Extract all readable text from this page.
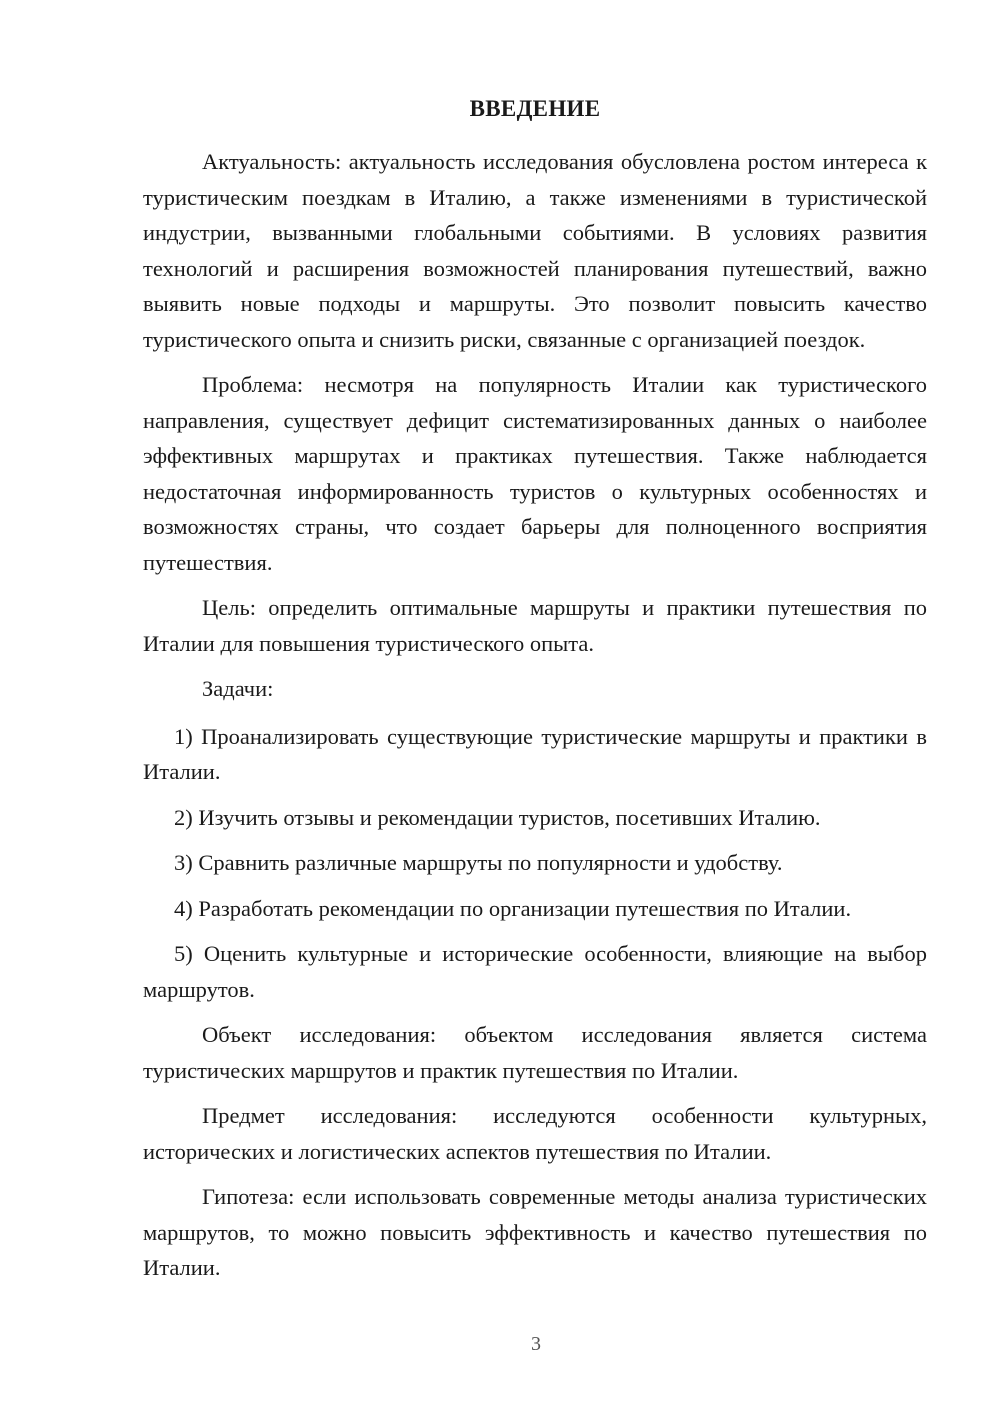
ВВЕДЕНИЕ

Актуальность: актуальность исследования обусловлена ростом интереса к туристическим поездкам в Италию, а также изменениями в туристической индустрии, вызванными глобальными событиями. В условиях развития технологий и расширения возможностей планирования путешествий, важно выявить новые подходы и маршруты. Это позволит повысить качество туристического опыта и снизить риски, связанные с организацией поездок.

Проблема: несмотря на популярность Италии как туристического направления, существует дефицит систематизированных данных о наиболее эффективных маршрутах и практиках путешествия. Также наблюдается недостаточная информированность туристов о культурных особенностях и возможностях страны, что создает барьеры для полноценного восприятия путешествия.

Цель: определить оптимальные маршруты и практики путешествия по Италии для повышения туристического опыта.

Задачи:

1) Проанализировать существующие туристические маршруты и практики в Италии.

2) Изучить отзывы и рекомендации туристов, посетивших Италию.

3) Сравнить различные маршруты по популярности и удобству.

4) Разработать рекомендации по организации путешествия по Италии.

5) Оценить культурные и исторические особенности, влияющие на выбор маршрутов.

Объект исследования: объектом исследования является система туристических маршрутов и практик путешествия по Италии.

Предмет исследования: исследуются особенности культурных, исторических и логистических аспектов путешествия по Италии.

Гипотеза: если использовать современные методы анализа туристических маршрутов, то можно повысить эффективность и качество путешествия по Италии.

3
